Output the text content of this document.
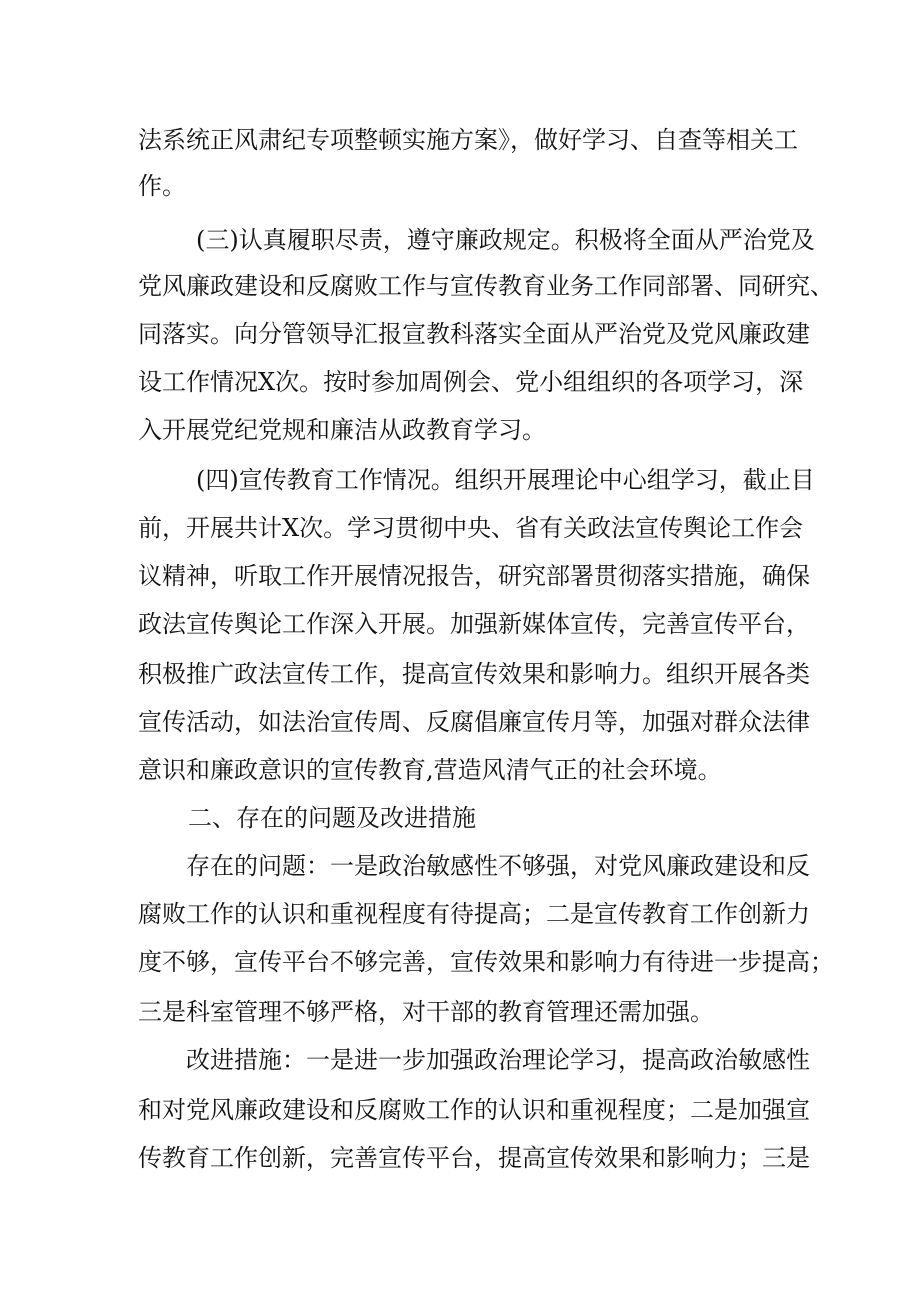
法系统正风肃纪专项整顿实施方案》，做好学习、自查等相关工
作。
(三)认真履职尽责，遵守廉政规定。积极将全面从严治党及
党风廉政建设和反腐败工作与宣传教育业务工作同部署、同研究、
同落实。向分管领导汇报宣教科落实全面从严治党及党风廉政建
设工作情况X次。按时参加周例会、党小组组织的各项学习，深
入开展党纪党规和廉洁从政教育学习。
(四)宣传教育工作情况。组织开展理论中心组学习，截止目
前，开展共计X次。学习贯彻中央、省有关政法宣传舆论工作会
议精神，听取工作开展情况报告，研究部署贯彻落实措施，确保
政法宣传舆论工作深入开展。加强新媒体宣传，完善宣传平台，
积极推广政法宣传工作，提高宣传效果和影响力。组织开展各类
宣传活动，如法治宣传周、反腐倡廉宣传月等，加强对群众法律
意识和廉政意识的宣传教育,营造风清气正的社会环境。
二、存在的问题及改进措施
存在的问题：一是政治敏感性不够强，对党风廉政建设和反
腐败工作的认识和重视程度有待提高；二是宣传教育工作创新力
度不够，宣传平台不够完善，宣传效果和影响力有待进一步提高；
三是科室管理不够严格，对干部的教育管理还需加强。
改进措施：一是进一步加强政治理论学习，提高政治敏感性
和对党风廉政建设和反腐败工作的认识和重视程度；二是加强宣
传教育工作创新，完善宣传平台，提高宣传效果和影响力；三是
